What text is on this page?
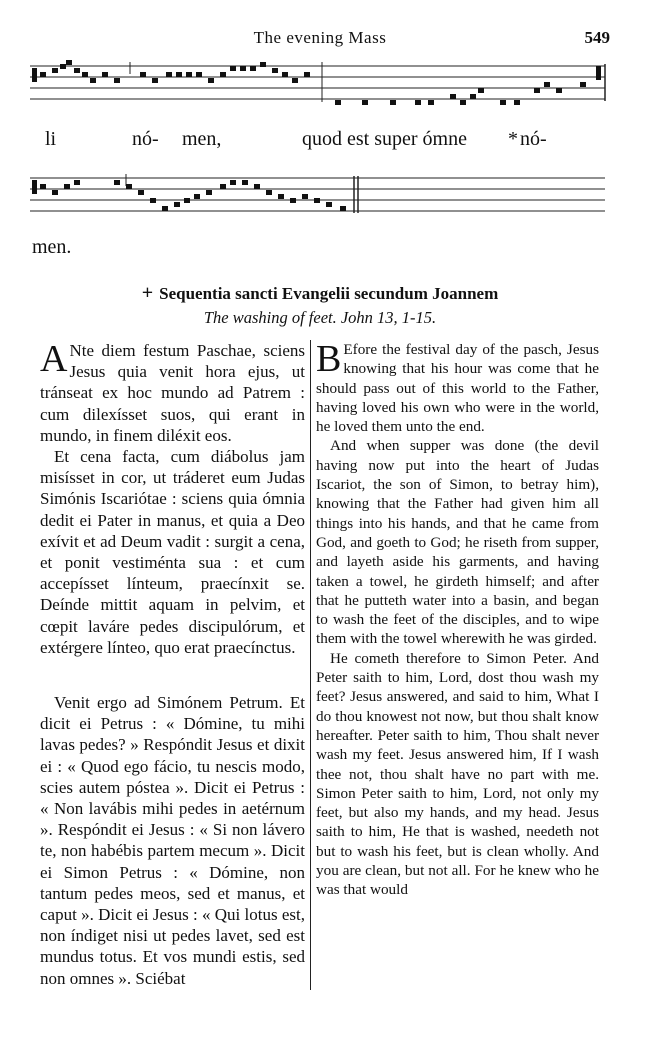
The evening Mass	549
li	nó- men,	quod est super ómne * nó-
men.
+ Sequentia sancti Evangelii secundum Joannem
The washing of feet. John 13, 1-15.

A Nte diem festum Paschae, sciens Jesus quia venit hora ejus, ut tránseat ex hoc mundo ad Patrem : cum dilexísset suos, qui erant in mundo, in finem diléxit eos.

Et cena facta, cum diábolus jam misísset in cor, ut tráderet eum Judas Simónis Iscariótae : sciens quia ómnia dedit ei Pater in manus, et quia a Deo exívit et ad Deum vadit : surgit a cena, et ponit vestiménta sua : et cum accepísset línteum, praecínxit se. Deínde mittit aquam in pelvim, et cœpit laváre pedes discipulórum, et extérgere línteo, quo erat praecínctus.

Venit ergo ad Simónem Petrum. Et dicit ei Petrus : « Dómine, tu mihi lavas pedes? » Respóndit Jesus et dixit ei : « Quod ego fácio, tu nescis modo, scies autem póstea ». Dicit ei Petrus : « Non lavábis mihi pedes in aetérnum ». Respóndit ei Jesus : « Si non lávero te, non habébis partem mecum ». Dicit ei Simon Petrus : « Dómine, non tantum pedes meos, sed et manus, et caput ». Dicit ei Jesus : « Qui lotus est, non índiget nisi ut pedes lavet, sed est mundus totus. Et vos mundi estis, sed non omnes ». Sciébat

B Efore the festival day of the pasch, Jesus knowing that his hour was come that he should pass out of this world to the Father, having loved his own who were in the world, he loved them unto the end.

And when supper was done (the devil having now put into the heart of Judas Iscariot, the son of Simon, to betray him), knowing that the Father had given him all things into his hands, and that he came from God, and goeth to God; he riseth from supper, and layeth aside his garments, and having taken a towel, he girdeth himself; and after that he putteth water into a basin, and began to wash the feet of the disciples, and to wipe them with the towel wherewith he was girded.

He cometh therefore to Simon Peter. And Peter saith to him, Lord, dost thou wash my feet? Jesus answered, and said to him, What I do thou knowest not now, but thou shalt know hereafter. Peter saith to him, Thou shalt never wash my feet. Jesus answered him, If I wash thee not, thou shalt have no part with me. Simon Peter saith to him, Lord, not only my feet, but also my hands, and my head. Jesus saith to him, He that is washed, needeth not but to wash his feet, but is clean wholly. And you are clean, but not all. For he knew who he was that would
